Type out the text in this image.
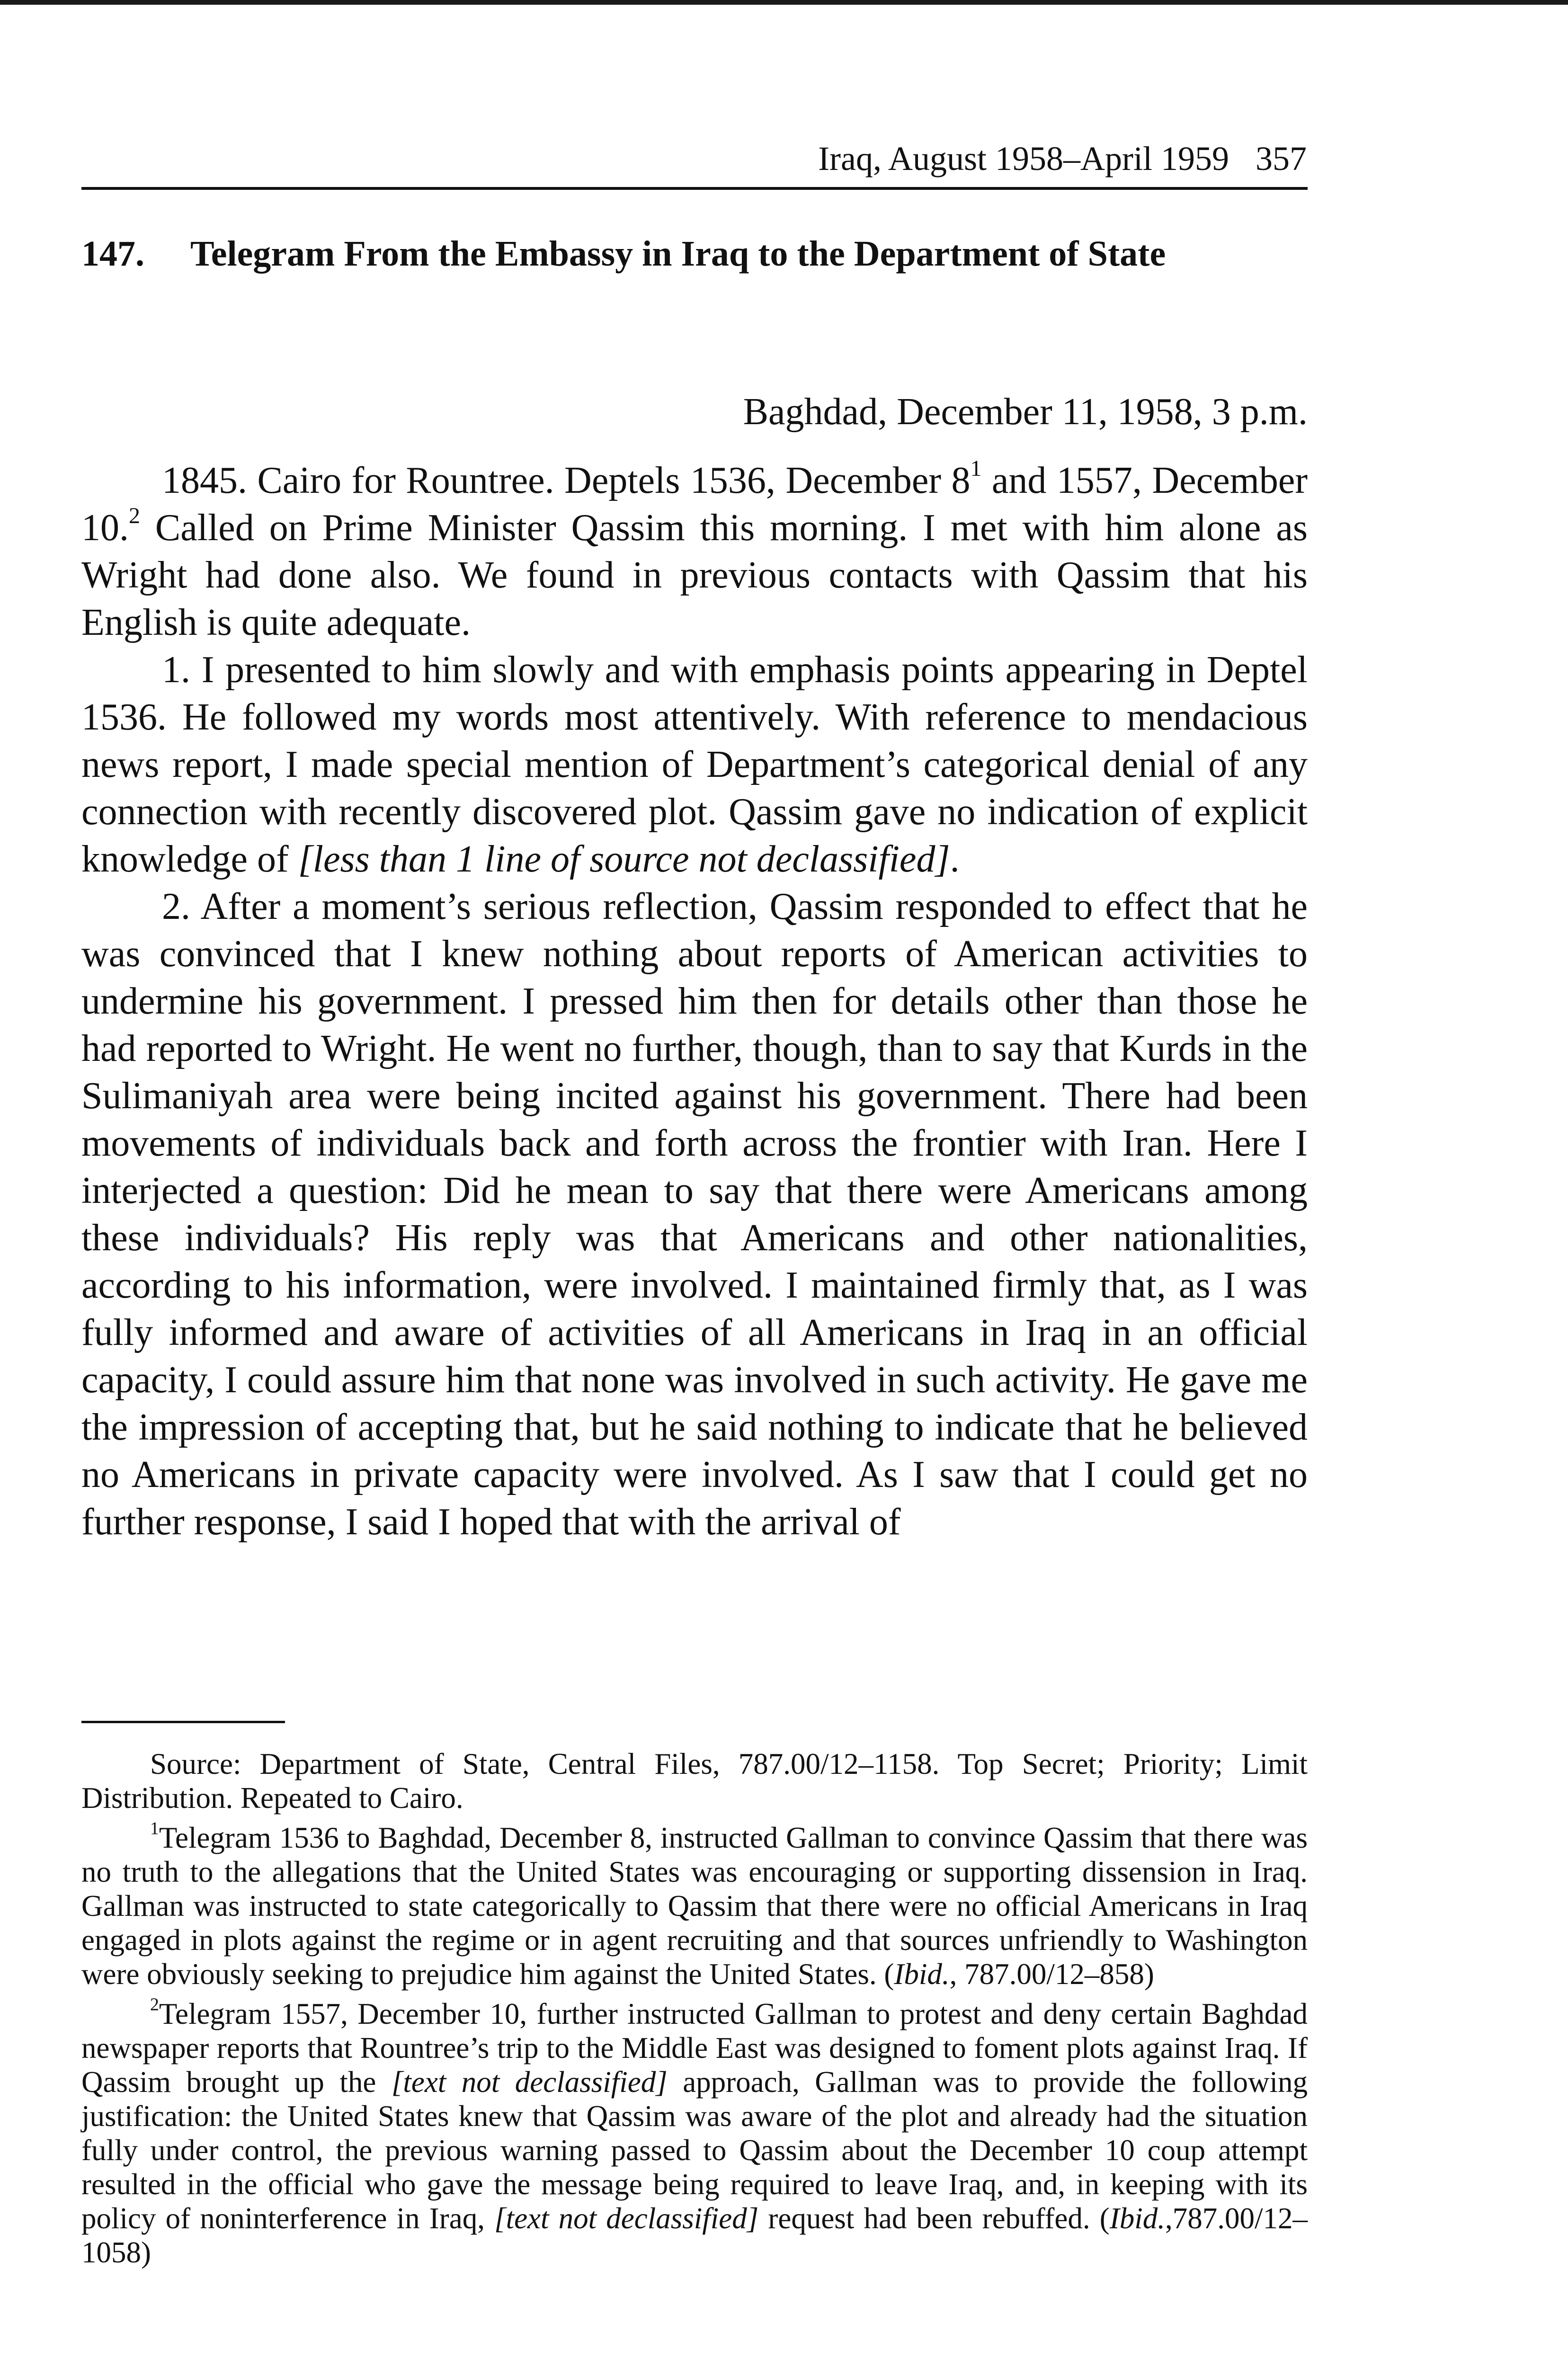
Iraq, August 1958–April 1959 357
147. Telegram From the Embassy in Iraq to the Department of State
Baghdad, December 11, 1958, 3 p.m.

1845. Cairo for Rountree. Deptels 1536, December $8^1$ and 1557, December 10.$^2$ Called on Prime Minister Qassim this morning. I met with him alone as Wright had done also. We found in previous contacts with Qassim that his English is quite adequate.

1. I presented to him slowly and with emphasis points appearing in Deptel 1536. He followed my words most attentively. With reference to mendacious news report, I made special mention of Department’s categorical denial of any connection with recently discovered plot. Qassim gave no indication of explicit knowledge of [less than 1 line of source not declassified].

2. After a moment’s serious reflection, Qassim responded to effect that he was convinced that I knew nothing about reports of American activities to undermine his government. I pressed him then for details other than those he had reported to Wright. He went no further, though, than to say that Kurds in the Sulimaniyah area were being incited against his government. There had been movements of individuals back and forth across the frontier with Iran. Here I interjected a question: Did he mean to say that there were Americans among these individuals? His reply was that Americans and other nationalities, according to his information, were involved. I maintained firmly that, as I was fully informed and aware of activities of all Americans in Iraq in an official capacity, I could assure him that none was involved in such activity. He gave me the impression of accepting that, but he said nothing to indicate that he believed no Americans in private capacity were involved. As I saw that I could get no further response, I said I hoped that with the arrival of

Source: Department of State, Central Files, 787.00/12–1158. Top Secret; Priority; Limit Distribution. Repeated to Cairo.

$^1$Telegram 1536 to Baghdad, December 8, instructed Gallman to convince Qassim that there was no truth to the allegations that the United States was encouraging or supporting dissension in Iraq. Gallman was instructed to state categorically to Qassim that there were no official Americans in Iraq engaged in plots against the regime or in agent recruiting and that sources unfriendly to Washington were obviously seeking to prejudice him against the United States. (Ibid., 787.00/12–858)

$^2$Telegram 1557, December 10, further instructed Gallman to protest and deny certain Baghdad newspaper reports that Rountree’s trip to the Middle East was designed to foment plots against Iraq. If Qassim brought up the [text not declassified] approach, Gallman was to provide the following justification: the United States knew that Qassim was aware of the plot and already had the situation fully under control, the previous warning passed to Qassim about the December 10 coup attempt resulted in the official who gave the message being required to leave Iraq, and, in keeping with its policy of noninterference in Iraq, [text not declassified] request had been rebuffed. (Ibid.,787.00/12–1058)
